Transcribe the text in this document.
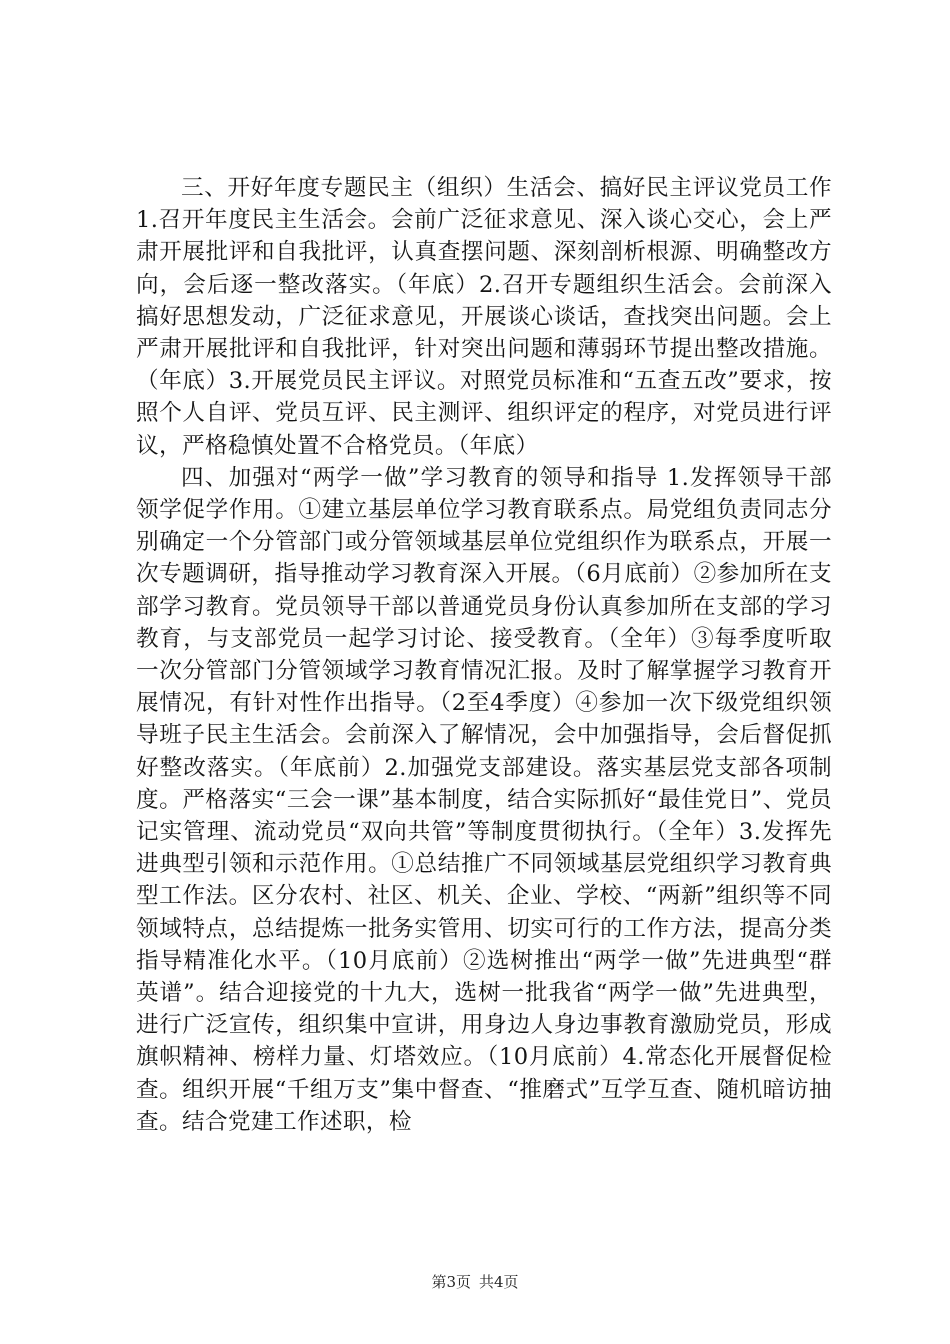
三、开好年度专题民主（组织）生活会、搞好民主评议党员工作 1.召开年度民主生活会。会前广泛征求意见、深入谈心交心，会上严肃开展批评和自我批评，认真查摆问题、深刻剖析根源、明确整改方向，会后逐一整改落实。（年底）2.召开专题组织生活会。会前深入搞好思想发动，广泛征求意见，开展谈心谈话，查找突出问题。会上严肃开展批评和自我批评，针对突出问题和薄弱环节提出整改措施。（年底）3.开展党员民主评议。对照党员标准和“五查五改”要求，按照个人自评、党员互评、民主测评、组织评定的程序，对党员进行评议，严格稳慎处置不合格党员。（年底）

四、加强对“两学一做”学习教育的领导和指导 1.发挥领导干部领学促学作用。①建立基层单位学习教育联系点。局党组负责同志分别确定一个分管部门或分管领域基层单位党组织作为联系点，开展一次专题调研，指导推动学习教育深入开展。（6月底前）②参加所在支部学习教育。党员领导干部以普通党员身份认真参加所在支部的学习教育，与支部党员一起学习讨论、接受教育。（全年）③每季度听取一次分管部门分管领域学习教育情况汇报。及时了解掌握学习教育开展情况，有针对性作出指导。（2至4季度）④参加一次下级党组织领导班子民主生活会。会前深入了解情况，会中加强指导，会后督促抓好整改落实。（年底前）2.加强党支部建设。落实基层党支部各项制度。严格落实“三会一课”基本制度，结合实际抓好“最佳党日”、党员记实管理、流动党员“双向共管”等制度贯彻执行。（全年）3.发挥先进典型引领和示范作用。①总结推广不同领域基层党组织学习教育典型工作法。区分农村、社区、机关、企业、学校、“两新”组织等不同领域特点，总结提炼一批务实管用、切实可行的工作方法，提高分类指导精准化水平。（10月底前）②选树推出“两学一做”先进典型“群英谱”。结合迎接党的十九大，选树一批我省“两学一做”先进典型，进行广泛宣传，组织集中宣讲，用身边人身边事教育激励党员，形成旗帜精神、榜样力量、灯塔效应。（10月底前）4.常态化开展督促检查。组织开展“千组万支”集中督查、“推磨式”互学互查、随机暗访抽查。结合党建工作述职，检

第3页 共4页
